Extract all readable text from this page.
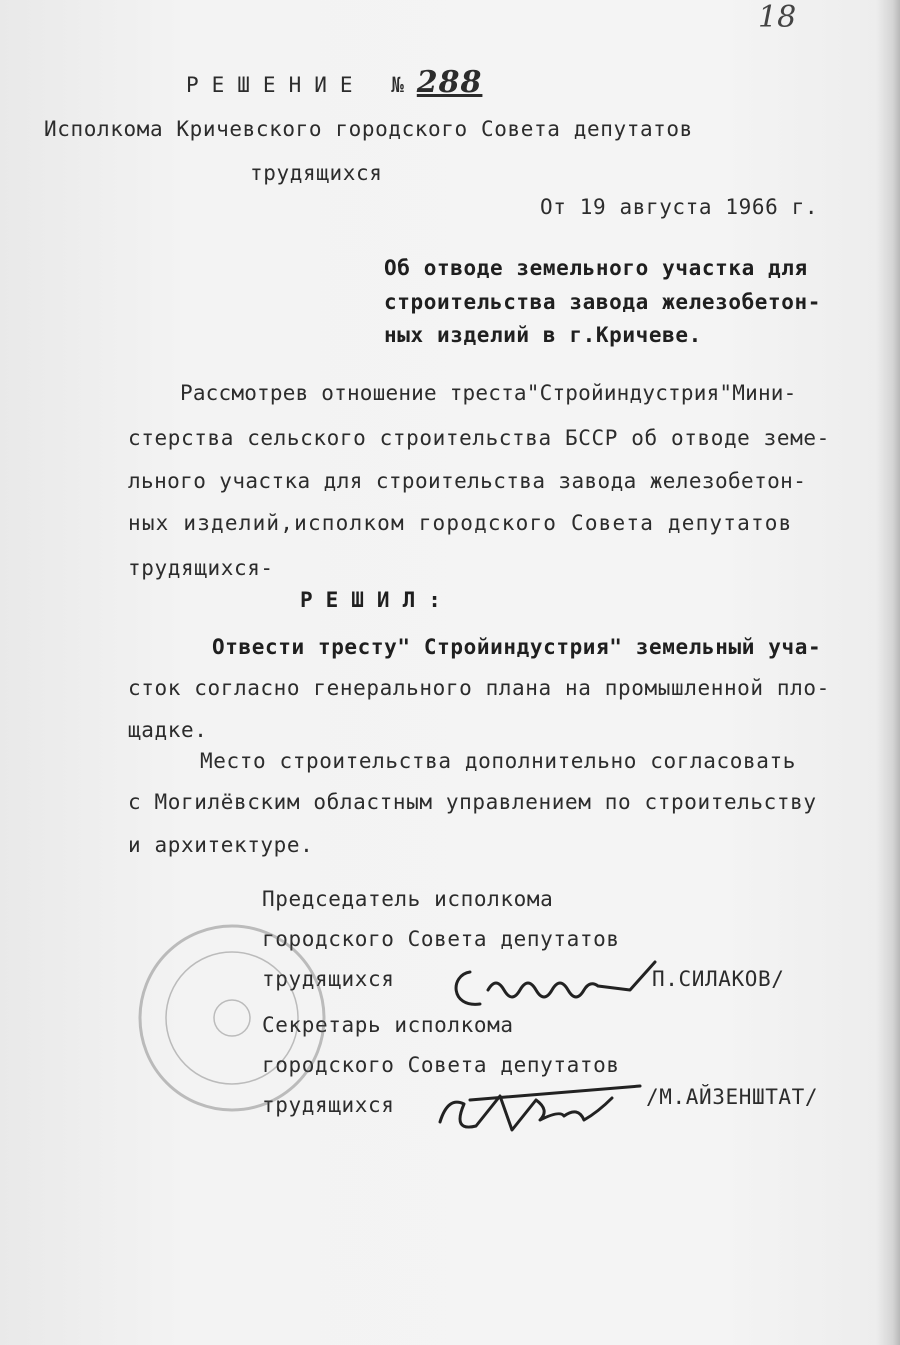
18
РЕШЕНИЕ №288
Исполкома Кричевского городского Совета депутатов
трудящихся
От 19 августа 1966 г.
Об отводе земельного участка для
строительства завода железобетон-
ных изделий в г.Кричеве.
Рассмотрев отношение треста"Стройиндустрия"Мини-
стерства сельского строительства БССР об отводе земе-
льного участка для строительства завода железобетон-
ных изделий,исполком городского Совета депутатов
трудящихся-
РЕШИЛ:
Отвести тресту" Стройиндустрия" земельный уча-
сток согласно генерального плана на промышленной пло-
щадке.
Место строительства дополнительно согласовать
с Могилёвским областным управлением по строительству
и архитектуре.
Председатель исполкома
городского Совета депутатов
трудящихся	П.СИЛАКОВ/
Секретарь исполкома
городского Совета депутатов
трудящихся	/М.АЙЗЕНШТАТ/
